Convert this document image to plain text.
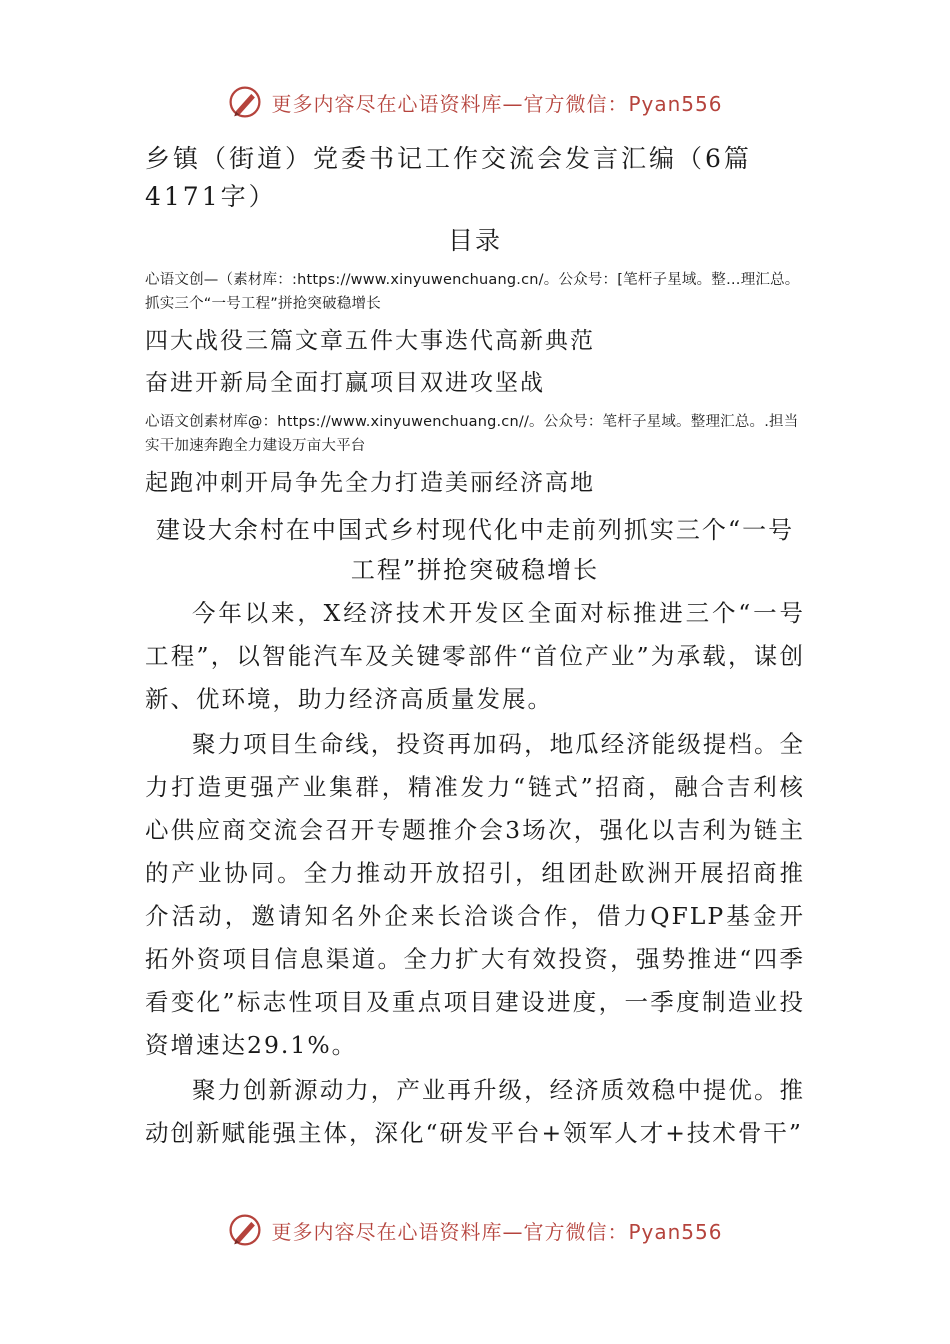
更多内容尽在心语资料库—官方微信：Pyan556

乡镇（街道）党委书记工作交流会发言汇编（6篇4171字）

目录

心语文创—（素材库：:https://www.xinyuwenchuang.cn/。公众号：[笔杆子星域。整…理汇总。抓实三个“一号工程”拼抢突破稳增长

四大战役三篇文章五件大事迭代高新典范

奋进开新局全面打赢项目双进攻坚战

心语文创素材库@：https://www.xinyuwenchuang.cn//。公众号：笔杆子星域。整理汇总。.担当实干加速奔跑全力建设万亩大平台

起跑冲刺开局争先全力打造美丽经济高地

建设大余村在中国式乡村现代化中走前列抓实三个“一号工程”拼抢突破稳增长

今年以来，X经济技术开发区全面对标推进三个“一号工程”，以智能汽车及关键零部件“首位产业”为承载，谋创新、优环境，助力经济高质量发展。

聚力项目生命线，投资再加码，地瓜经济能级提档。全力打造更强产业集群，精准发力“链式”招商，融合吉利核心供应商交流会召开专题推介会3场次，强化以吉利为链主的产业协同。全力推动开放招引，组团赴欧洲开展招商推介活动，邀请知名外企来长洽谈合作，借力QFLP基金开拓外资项目信息渠道。全力扩大有效投资，强势推进“四季看变化”标志性项目及重点项目建设进度，一季度制造业投资增速达29.1%。

聚力创新源动力，产业再升级，经济质效稳中提优。推动创新赋能强主体，深化“研发平台+领军人才+技术骨干”

更多内容尽在心语资料库—官方微信：Pyan556
